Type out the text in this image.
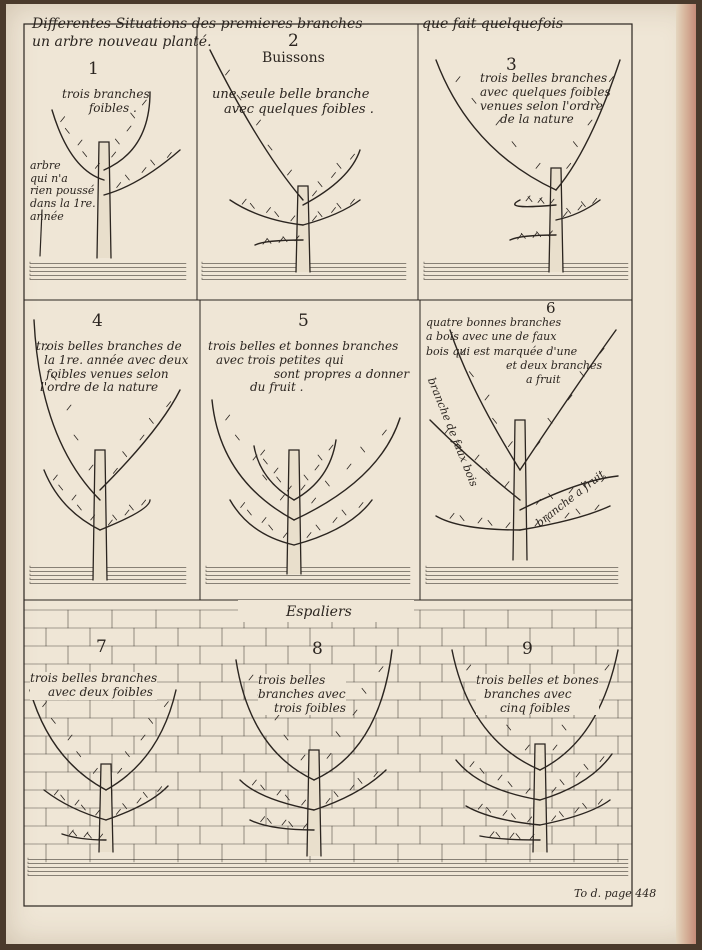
Differentes Situations des premieres branches	que fait quelquefois
un arbre nouveau planté.
Buissons
Espaliers
To d. page 448
1
trois branches
foibles .
arbre
qui n'a
rien poussé
dans la 1re.
année
2
une seule belle branche
avec quelques foibles .
3
trois belles branches
avec quelques foibles
venues selon l'ordre
de la nature
4
trois belles branches de
la 1re. année avec deux
foibles venues selon
l'ordre de la nature
5
trois belles et bonnes branches
avec trois petites qui
sont propres a donner
du fruit .
6
quatre bonnes branches
a bois avec une de faux
bois qui est marquée d'une
et deux branches
a fruit
branche de faux bois
branche a fruit
7
trois belles branches
avec deux foibles
8
trois belles
branches avec
trois foibles
9
trois belles et bones
branches avec
cinq foibles
